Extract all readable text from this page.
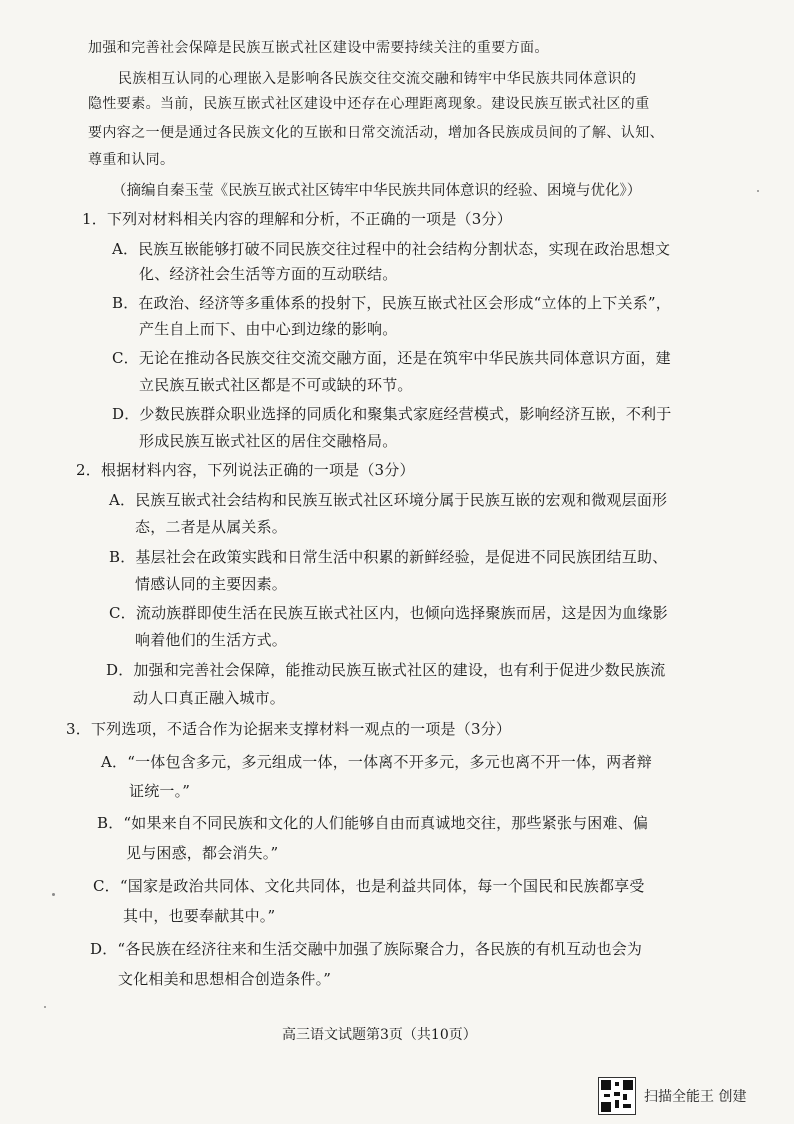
加强和完善社会保障是民族互嵌式社区建设中需要持续关注的重要方面。
民族相互认同的心理嵌入是影响各民族交往交流交融和铸牢中华民族共同体意识的
隐性要素。当前，民族互嵌式社区建设中还存在心理距离现象。建设民族互嵌式社区的重
要内容之一便是通过各民族文化的互嵌和日常交流活动，增加各民族成员间的了解、认知、
尊重和认同。
（摘编自秦玉莹《民族互嵌式社区铸牢中华民族共同体意识的经验、困境与优化》）
1．下列对材料相关内容的理解和分析，不正确的一项是（3分）
A．民族互嵌能够打破不同民族交往过程中的社会结构分割状态，实现在政治思想文
化、经济社会生活等方面的互动联结。
B．在政治、经济等多重体系的投射下，民族互嵌式社区会形成“立体的上下关系”，
产生自上而下、由中心到边缘的影响。
C．无论在推动各民族交往交流交融方面，还是在筑牢中华民族共同体意识方面，建
立民族互嵌式社区都是不可或缺的环节。
D．少数民族群众职业选择的同质化和聚集式家庭经营模式，影响经济互嵌，不利于
形成民族互嵌式社区的居住交融格局。
2．根据材料内容，下列说法正确的一项是（3分）
A．民族互嵌式社会结构和民族互嵌式社区环境分属于民族互嵌的宏观和微观层面形
态，二者是从属关系。
B．基层社会在政策实践和日常生活中积累的新鲜经验，是促进不同民族团结互助、
情感认同的主要因素。
C．流动族群即使生活在民族互嵌式社区内，也倾向选择聚族而居，这是因为血缘影
响着他们的生活方式。
D．加强和完善社会保障，能推动民族互嵌式社区的建设，也有利于促进少数民族流
动人口真正融入城市。
3．下列选项，不适合作为论据来支撑材料一观点的一项是（3分）
A．“一体包含多元，多元组成一体，一体离不开多元，多元也离不开一体，两者辩
证统一。”
B．“如果来自不同民族和文化的人们能够自由而真诚地交往，那些紧张与困难、偏
见与困惑，都会消失。”
C．“国家是政治共同体、文化共同体，也是利益共同体，每一个国民和民族都享受
其中，也要奉献其中。”
D．“各民族在经济往来和生活交融中加强了族际聚合力，各民族的有机互动也会为
文化相美和思想相合创造条件。”
高三语文试题第3页（共10页）
扫描全能王 创建
